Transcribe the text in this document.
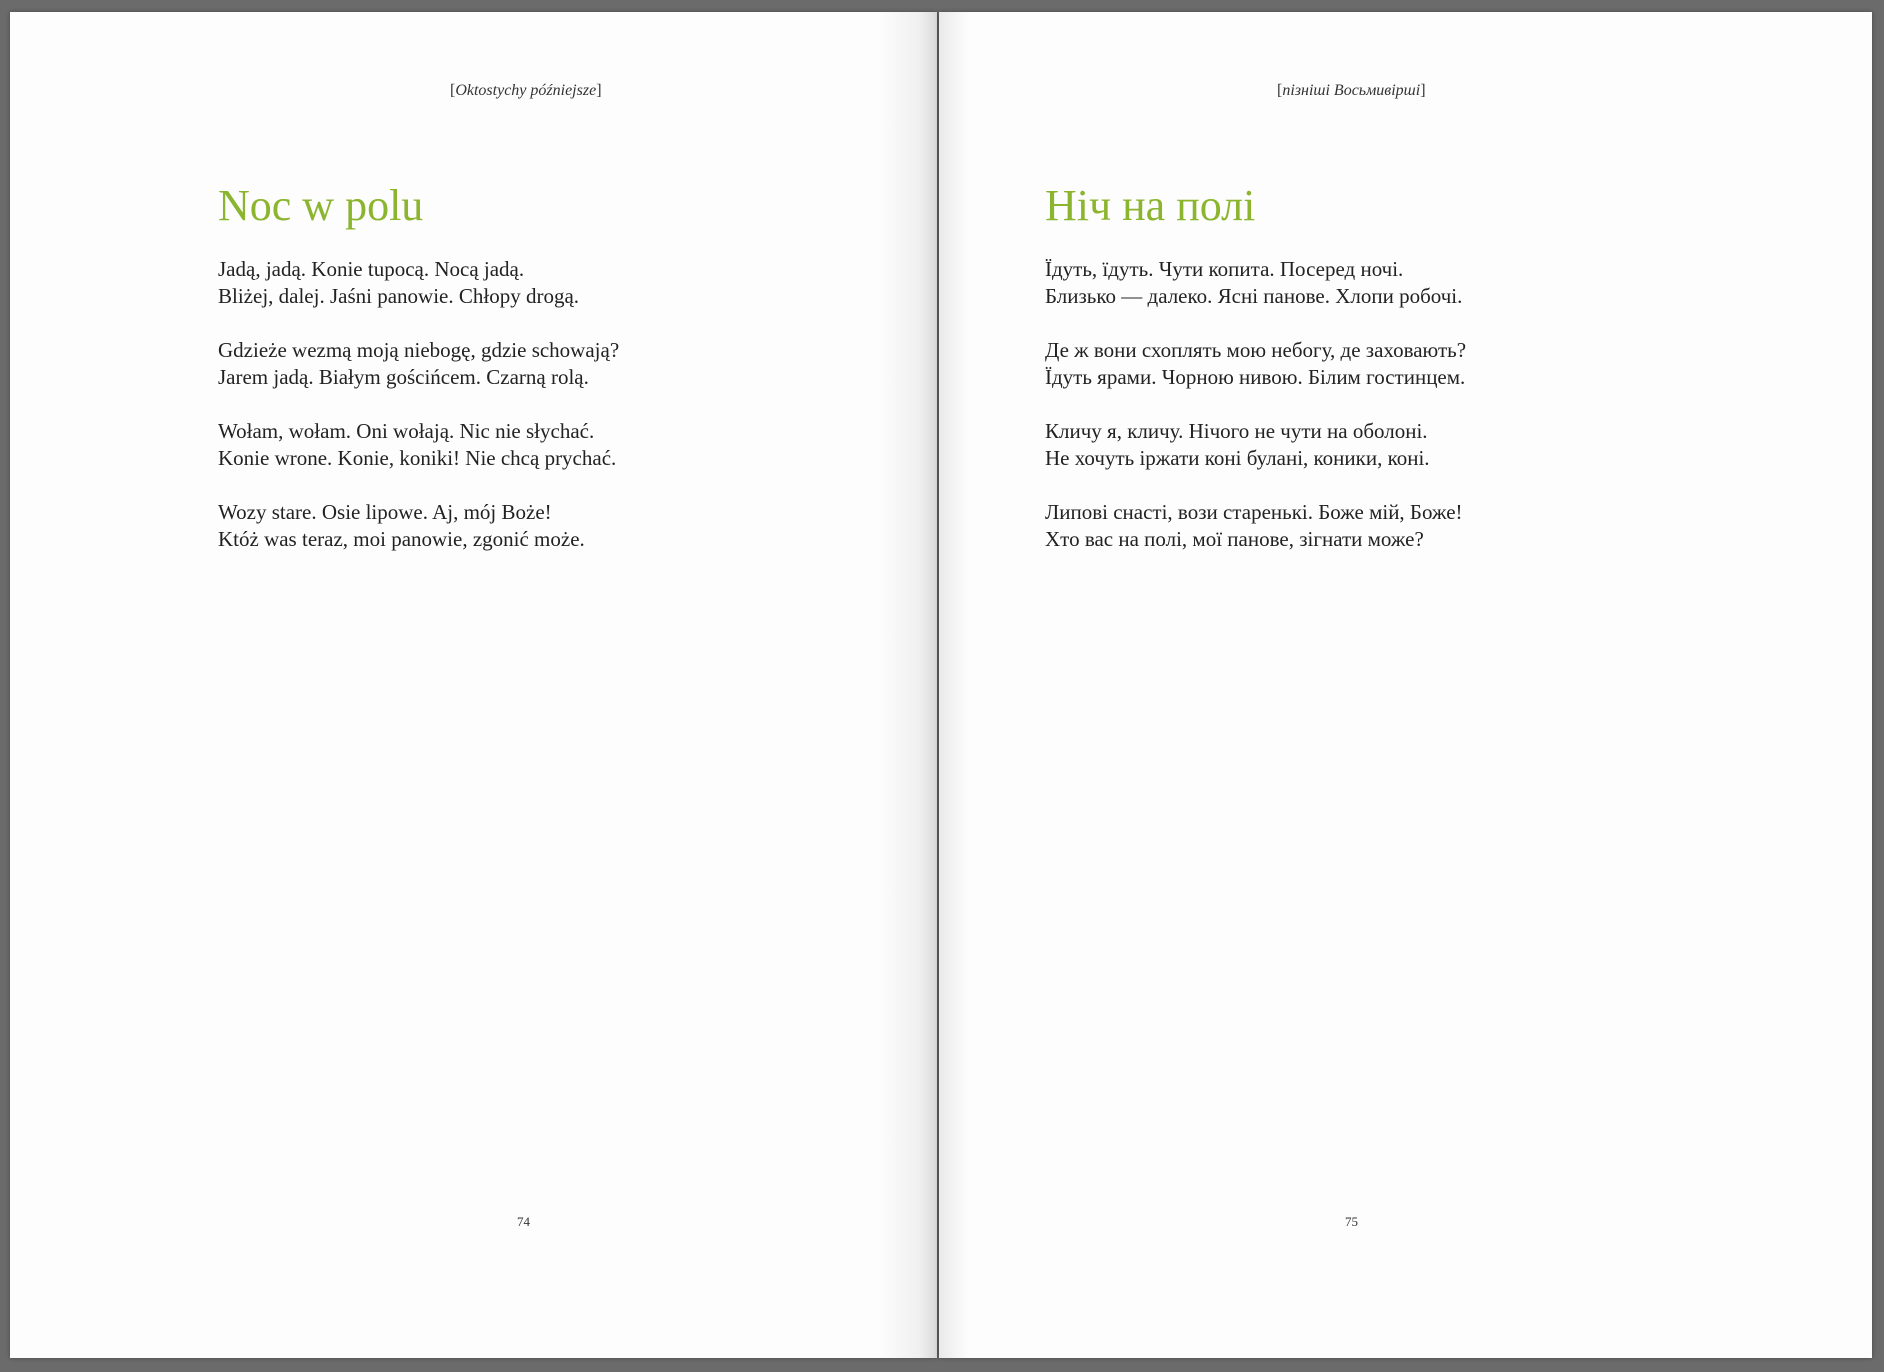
[Oktostychy późniejsze]
Noc w polu
Jadą, jadą. Konie tupocą. Nocą jadą.
Bliżej, dalej. Jaśni panowie. Chłopy drogą.
Gdzieże wezmą moją niebogę, gdzie schowają?
Jarem jadą. Białym gościńcem. Czarną rolą.
Wołam, wołam. Oni wołają. Nic nie słychać.
Konie wrone. Konie, koniki! Nie chcą prychać.
Wozy stare. Osie lipowe. Aj, mój Boże!
Któż was teraz, moi panowie, zgonić może.
74
[пізніші Восьмивірші]
Ніч на полі
Їдуть, їдуть. Чути копита. Посеред ночі.
Близько — далеко. Ясні панове. Хлопи робочі.
Де ж вони схоплять мою небогу, де заховають?
Їдуть ярами. Чорною нивою. Білим гостинцем.
Кличу я, кличу. Нічого не чути на оболоні.
Не хочуть іржати коні булані, коники, коні.
Липові снасті, вози старенькі. Боже мій, Боже!
Хто вас на полі, мої панове, зігнати може?
75
